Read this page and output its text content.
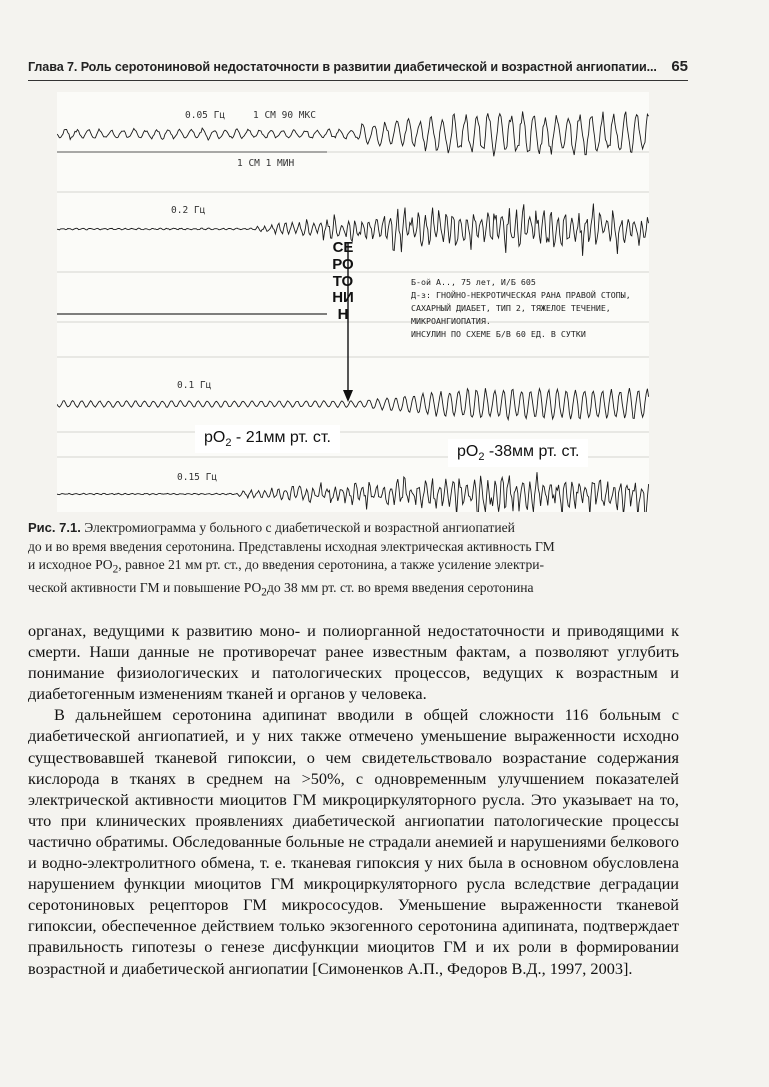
Глава 7. Роль серотониновой недостаточности в развитии диабетической и возрастной ангиопатии... 65
0.05 Гц	1 СМ 90 МКС
1 СМ 1 МИН
0.2 Гц
0.1 Гц
0.15 Гц
СЕРОТОНИН
Б-ой А.., 75 лет, И/Б 605
Д-з: ГНОЙНО-НЕКРОТИЧЕСКАЯ РАНА ПРАВОЙ СТОПЫ,
САХАРНЫЙ ДИАБЕТ, ТИП 2, ТЯЖЕЛОЕ ТЕЧЕНИЕ,
МИКРОАНГИОПАТИЯ.
ИНСУЛИН ПО СХЕМЕ Б/В 60 ЕД. В СУТКИ
$pO_2 - 21мм$ рт. ст.
$pO_2$ -38мм рт. ст.
Рис. 7.1. Электромиограмма у больного с диабетической и возрастной ангиопатией
до и во время введения серотонина. Представлены исходная электрическая активность ГМ
и исходное $РО_2$, равное 21 мм рт. ст., до введения серотонина, а также усиление электри-
ческой активности ГМ и повышение $РО_2до$ 38 мм рт. ст. во время введения серотонина

органах, ведущими к развитию моно- и полиорганной недостаточности и приводящими к смерти. Наши данные не противоречат ранее известным фактам, а позволяют углубить понимание физиологических и патологических процессов, ведущих к возрастным и диабетогенным изменениям тканей и органов у человека.

В дальнейшем серотонина адипинат вводили в общей сложности 116 больным с диабетической ангиопатией, и у них также отмечено уменьшение выраженности исходно существовавшей тканевой гипоксии, о чем свидетельствовало возрастание содержания кислорода в тканях в среднем на >50%, с одновременным улучшением показателей электрической активности миоцитов ГМ микроциркуляторного русла. Это указывает на то, что при клинических проявлениях диабетической ангиопатии патологические процессы частично обратимы. Обследованные больные не страдали анемией и нарушениями белкового и водно-электролитного обмена, т. е. тканевая гипоксия у них была в основном обусловлена нарушением функции миоцитов ГМ микроциркуляторного русла вследствие деградации серотониновых рецепторов ГМ микрососудов. Уменьшение выраженности тканевой гипоксии, обеспеченное действием только экзогенного серотонина адипината, подтверждает правильность гипотезы о генезе дисфункции миоцитов ГМ и их роли в формировании возрастной и диабетической ангиопатии [Симоненков А.П., Федоров В.Д., 1997, 2003].
